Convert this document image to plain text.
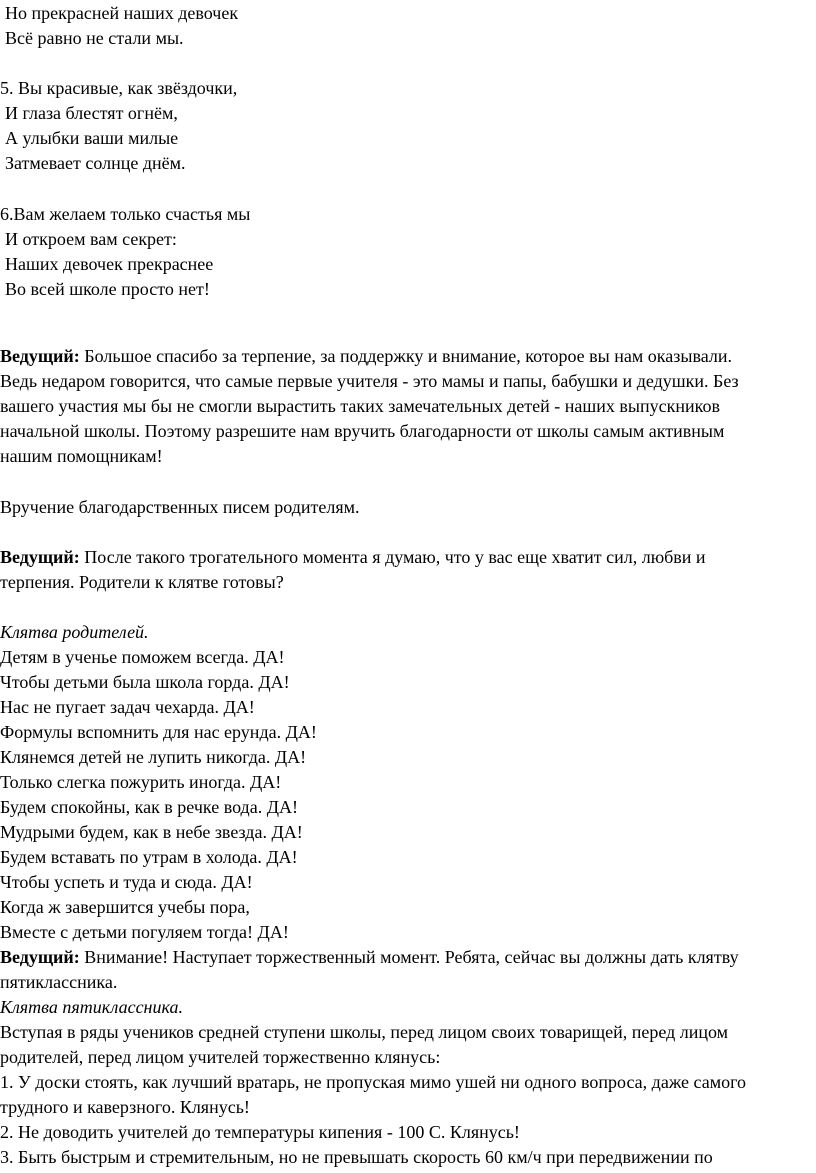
Но прекрасней наших девочек
Всё равно не стали мы.
5. Вы красивые, как звёздочки,
И глаза блестят огнём,
А улыбки ваши милые
Затмевает солнце днём.
6.Вам желаем только счастья мы
И откроем вам секрет:
Наших девочек прекраснее
Во всей школе просто нет!
Ведущий: Большое спасибо за терпение, за поддержку и внимание, которое вы нам оказывали.
Ведь недаром говорится, что самые первые учителя - это мамы и папы, бабушки и дедушки. Без
вашего участия мы бы не смогли вырастить таких замечательных детей - наших выпускников
начальной школы. Поэтому разрешите нам вручить благодарности от школы самым активным
нашим помощникам!
Вручение благодарственных писем родителям.
Ведущий: После такого трогательного момента я думаю, что у вас еще хватит сил, любви и
терпения. Родители к клятве готовы?
Клятва родителей.
Детям в ученье поможем всегда. ДА!
Чтобы детьми была школа горда. ДА!
Нас не пугает задач чехарда. ДА!
Формулы вспомнить для нас ерунда. ДА!
Клянемся детей не лупить никогда. ДА!
Только слегка пожурить иногда. ДА!
Будем спокойны, как в речке вода. ДА!
Мудрыми будем, как в небе звезда. ДА!
Будем вставать по утрам в холода. ДА!
Чтобы успеть и туда и сюда. ДА!
Когда ж завершится учебы пора,
Вместе с детьми погуляем тогда! ДА!
Ведущий: Внимание! Наступает торжественный момент. Ребята, сейчас вы должны дать клятву
пятиклассника.
Клятва пятиклассника.
Вступая в ряды учеников средней ступени школы, перед лицом своих товарищей, перед лицом
родителей, перед лицом учителей торжественно клянусь:
1. У доски стоять, как лучший вратарь, не пропуская мимо ушей ни одного вопроса, даже самого
трудного и каверзного. Клянусь!
2. Не доводить учителей до температуры кипения - 100 С. Клянусь!
3. Быть быстрым и стремительным, но не превышать скорость 60 км/ч при передвижении по
